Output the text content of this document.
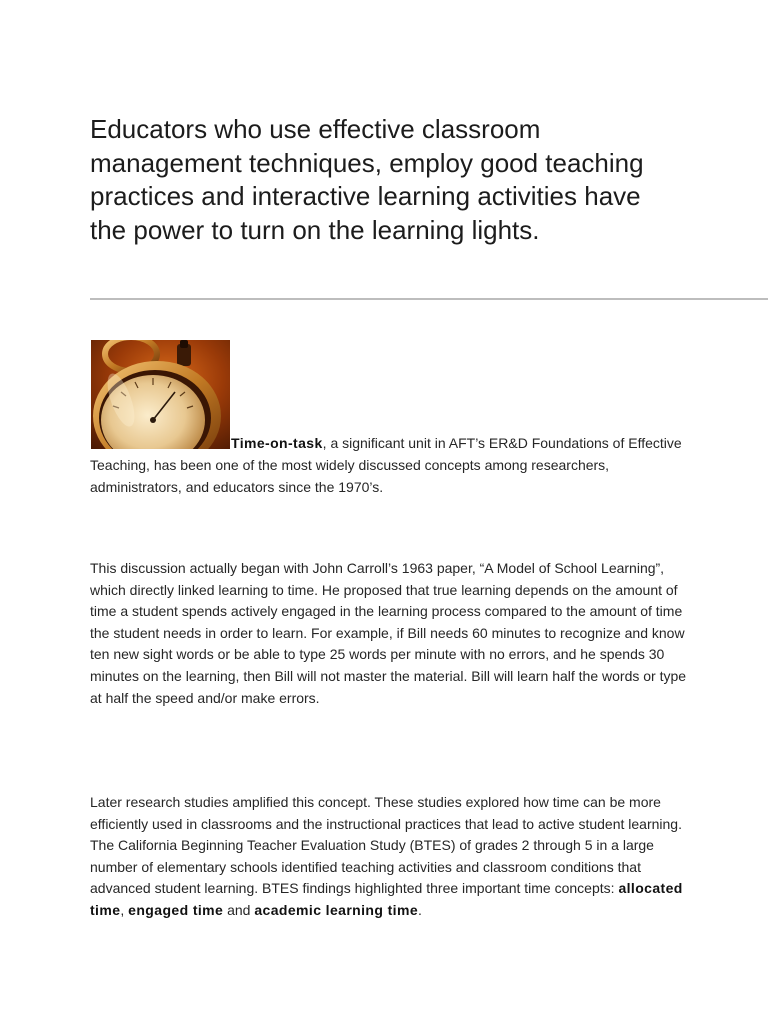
Educators who use effective classroom management techniques, employ good teaching practices and interactive learning activities have the power to turn on the learning lights.

Time-on-task, a significant unit in AFT’s ER&D Foundations of Effective Teaching, has been one of the most widely discussed concepts among researchers, administrators, and educators since the 1970’s.

This discussion actually began with John Carroll’s 1963 paper, “A Model of School Learning”, which directly linked learning to time. He proposed that true learning depends on the amount of time a student spends actively engaged in the learning process compared to the amount of time the student needs in order to learn. For example, if Bill needs 60 minutes to recognize and know ten new sight words or be able to type 25 words per minute with no errors, and he spends 30 minutes on the learning, then Bill will not master the material. Bill will learn half the words or type at half the speed and/or make errors.

Later research studies amplified this concept. These studies explored how time can be more efficiently used in classrooms and the instructional practices that lead to active student learning. The California Beginning Teacher Evaluation Study (BTES) of grades 2 through 5 in a large number of elementary schools identified teaching activities and classroom conditions that advanced student learning. BTES findings highlighted three important time concepts: allocated time, engaged time and academic learning time.
